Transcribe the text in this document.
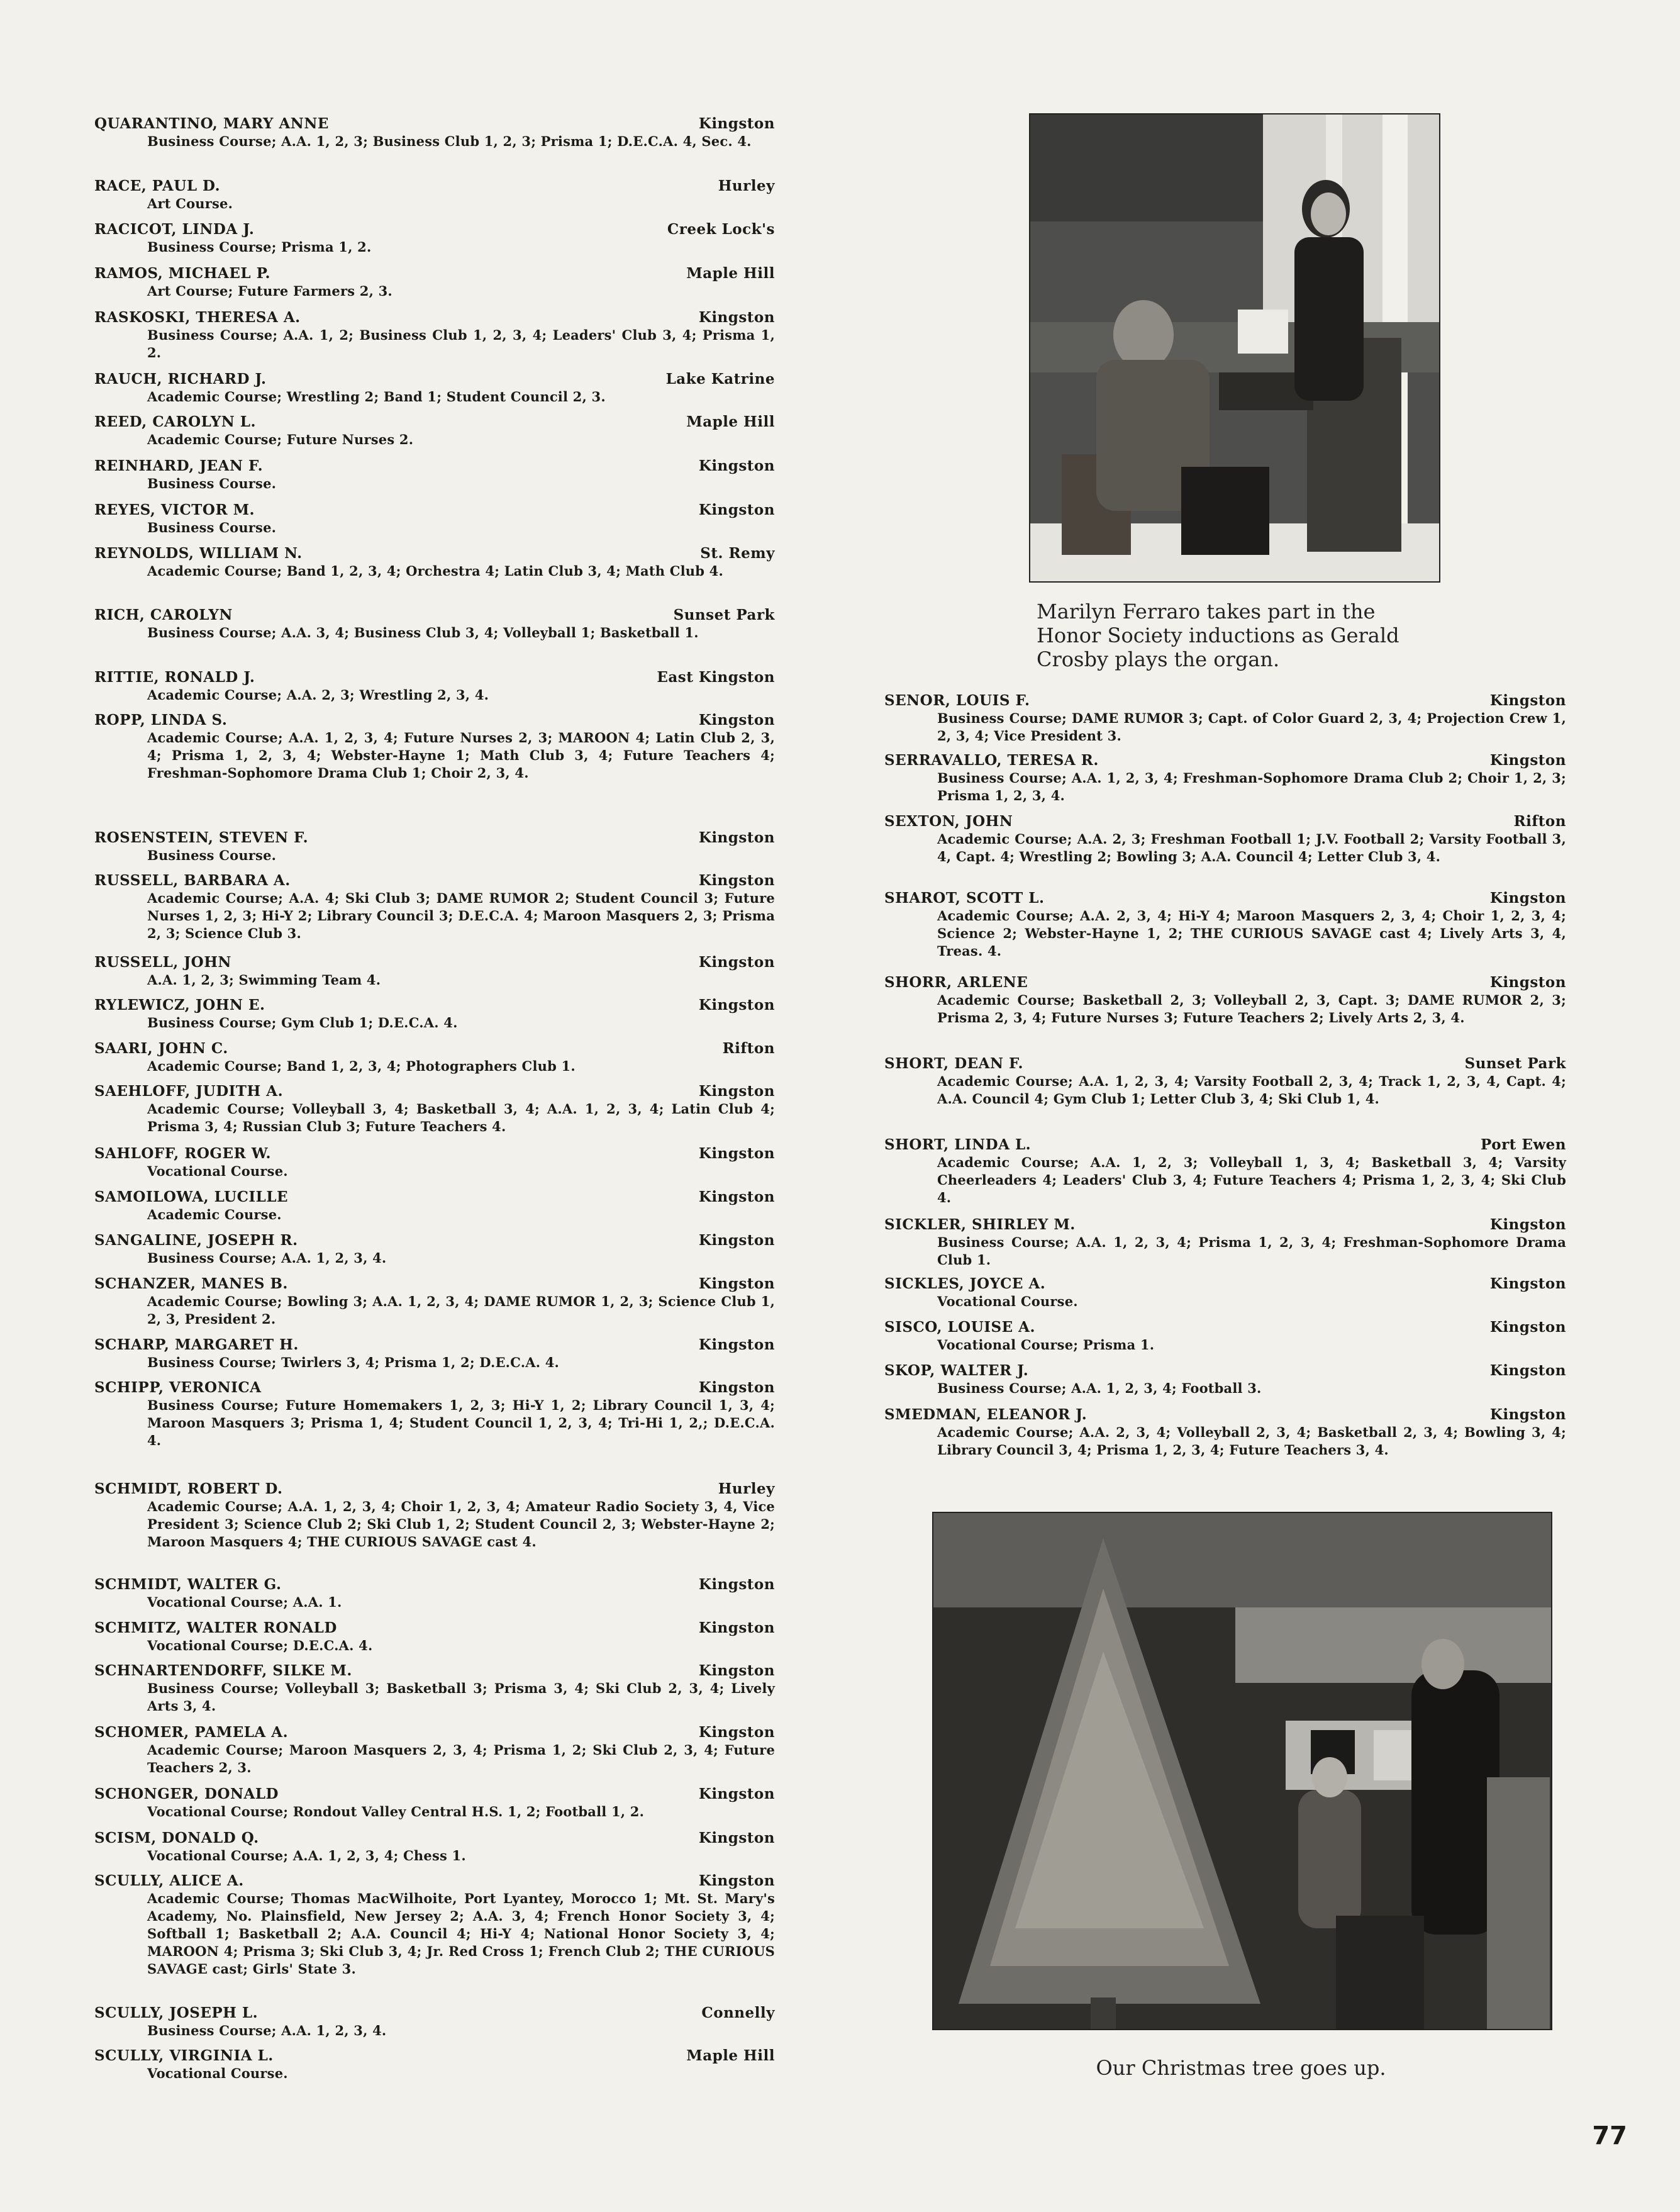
QUARANTINO, MARY ANNE	Kingston
Business Course; A.A. 1, 2, 3; Business Club 1, 2, 3; Prisma 1; D.E.C.A. 4, Sec. 4.
RACE, PAUL D.	Hurley
Art Course.
RACICOT, LINDA J.	Creek Lock's
Business Course; Prisma 1, 2.
RAMOS, MICHAEL P.	Maple Hill
Art Course; Future Farmers 2, 3.
RASKOSKI, THERESA A.	Kingston
Business Course; A.A. 1, 2; Business Club 1, 2, 3, 4; Leaders' Club 3, 4; Prisma 1, 2.
RAUCH, RICHARD J.	Lake Katrine
Academic Course; Wrestling 2; Band 1; Student Council 2, 3.
REED, CAROLYN L.	Maple Hill
Academic Course; Future Nurses 2.
REINHARD, JEAN F.	Kingston
Business Course.
REYES, VICTOR M.	Kingston
Business Course.
REYNOLDS, WILLIAM N.	St. Remy
Academic Course; Band 1, 2, 3, 4; Orchestra 4; Latin Club 3, 4; Math Club 4.
RICH, CAROLYN	Sunset Park
Business Course; A.A. 3, 4; Business Club 3, 4; Volleyball 1; Basketball 1.
RITTIE, RONALD J.	East Kingston
Academic Course; A.A. 2, 3; Wrestling 2, 3, 4.
ROPP, LINDA S.	Kingston
Academic Course; A.A. 1, 2, 3, 4; Future Nurses 2, 3; MAROON 4; Latin Club 2, 3, 4; Prisma 1, 2, 3, 4; Webster-Hayne 1; Math Club 3, 4; Future Teachers 4; Freshman-Sophomore Drama Club 1; Choir 2, 3, 4.
ROSENSTEIN, STEVEN F.	Kingston
Business Course.
RUSSELL, BARBARA A.	Kingston
Academic Course; A.A. 4; Ski Club 3; DAME RUMOR 2; Student Council 3; Future Nurses 1, 2, 3; Hi-Y 2; Library Council 3; D.E.C.A. 4; Maroon Masquers 2, 3; Prisma 2, 3; Science Club 3.
RUSSELL, JOHN	Kingston
A.A. 1, 2, 3; Swimming Team 4.
RYLEWICZ, JOHN E.	Kingston
Business Course; Gym Club 1; D.E.C.A. 4.
SAARI, JOHN C.	Rifton
Academic Course; Band 1, 2, 3, 4; Photographers Club 1.
SAEHLOFF, JUDITH A.	Kingston
Academic Course; Volleyball 3, 4; Basketball 3, 4; A.A. 1, 2, 3, 4; Latin Club 4; Prisma 3, 4; Russian Club 3; Future Teachers 4.
SAHLOFF, ROGER W.	Kingston
Vocational Course.
SAMOILOWA, LUCILLE	Kingston
Academic Course.
SANGALINE, JOSEPH R.	Kingston
Business Course; A.A. 1, 2, 3, 4.
SCHANZER, MANES B.	Kingston
Academic Course; Bowling 3; A.A. 1, 2, 3, 4; DAME RUMOR 1, 2, 3; Science Club 1, 2, 3, President 2.
SCHARP, MARGARET H.	Kingston
Business Course; Twirlers 3, 4; Prisma 1, 2; D.E.C.A. 4.
SCHIPP, VERONICA	Kingston
Business Course; Future Homemakers 1, 2, 3; Hi-Y 1, 2; Library Council 1, 3, 4; Maroon Masquers 3; Prisma 1, 4; Student Council 1, 2, 3, 4; Tri-Hi 1, 2,; D.E.C.A. 4.
SCHMIDT, ROBERT D.	Hurley
Academic Course; A.A. 1, 2, 3, 4; Choir 1, 2, 3, 4; Amateur Radio Society 3, 4, Vice President 3; Science Club 2; Ski Club 1, 2; Student Council 2, 3; Webster-Hayne 2; Maroon Masquers 4; THE CURIOUS SAVAGE cast 4.
SCHMIDT, WALTER G.	Kingston
Vocational Course; A.A. 1.
SCHMITZ, WALTER RONALD	Kingston
Vocational Course; D.E.C.A. 4.
SCHNARTENDORFF, SILKE M.	Kingston
Business Course; Volleyball 3; Basketball 3; Prisma 3, 4; Ski Club 2, 3, 4; Lively Arts 3, 4.
SCHOMER, PAMELA A.	Kingston
Academic Course; Maroon Masquers 2, 3, 4; Prisma 1, 2; Ski Club 2, 3, 4; Future Teachers 2, 3.
SCHONGER, DONALD	Kingston
Vocational Course; Rondout Valley Central H.S. 1, 2; Football 1, 2.
SCISM, DONALD Q.	Kingston
Vocational Course; A.A. 1, 2, 3, 4; Chess 1.
SCULLY, ALICE A.	Kingston
Academic Course; Thomas MacWilhoite, Port Lyantey, Morocco 1; Mt. St. Mary's Academy, No. Plainsfield, New Jersey 2; A.A. 3, 4; French Honor Society 3, 4; Softball 1; Basketball 2; A.A. Council 4; Hi-Y 4; National Honor Society 3, 4; MAROON 4; Prisma 3; Ski Club 3, 4; Jr. Red Cross 1; French Club 2; THE CURIOUS SAVAGE cast; Girls' State 3.
SCULLY, JOSEPH L.	Connelly
Business Course; A.A. 1, 2, 3, 4.
SCULLY, VIRGINIA L.	Maple Hill
Vocational Course.
SENOR, LOUIS F.	Kingston
Business Course; DAME RUMOR 3; Capt. of Color Guard 2, 3, 4; Projection Crew 1, 2, 3, 4; Vice President 3.
SERRAVALLO, TERESA R.	Kingston
Business Course; A.A. 1, 2, 3, 4; Freshman-Sophomore Drama Club 2; Choir 1, 2, 3; Prisma 1, 2, 3, 4.
SEXTON, JOHN	Rifton
Academic Course; A.A. 2, 3; Freshman Football 1; J.V. Football 2; Varsity Football 3, 4, Capt. 4; Wrestling 2; Bowling 3; A.A. Council 4; Letter Club 3, 4.
SHAROT, SCOTT L.	Kingston
Academic Course; A.A. 2, 3, 4; Hi-Y 4; Maroon Masquers 2, 3, 4; Choir 1, 2, 3, 4; Science 2; Webster-Hayne 1, 2; THE CURIOUS SAVAGE cast 4; Lively Arts 3, 4, Treas. 4.
SHORR, ARLENE	Kingston
Academic Course; Basketball 2, 3; Volleyball 2, 3, Capt. 3; DAME RUMOR 2, 3; Prisma 2, 3, 4; Future Nurses 3; Future Teachers 2; Lively Arts 2, 3, 4.
SHORT, DEAN F.	Sunset Park
Academic Course; A.A. 1, 2, 3, 4; Varsity Football 2, 3, 4; Track 1, 2, 3, 4, Capt. 4; A.A. Council 4; Gym Club 1; Letter Club 3, 4; Ski Club 1, 4.
SHORT, LINDA L.	Port Ewen
Academic Course; A.A. 1, 2, 3; Volleyball 1, 3, 4; Basketball 3, 4; Varsity Cheerleaders 4; Leaders' Club 3, 4; Future Teachers 4; Prisma 1, 2, 3, 4; Ski Club 4.
SICKLER, SHIRLEY M.	Kingston
Business Course; A.A. 1, 2, 3, 4; Prisma 1, 2, 3, 4; Freshman-Sophomore Drama Club 1.
SICKLES, JOYCE A.	Kingston
Vocational Course.
SISCO, LOUISE A.	Kingston
Vocational Course; Prisma 1.
SKOP, WALTER J.	Kingston
Business Course; A.A. 1, 2, 3, 4; Football 3.
SMEDMAN, ELEANOR J.	Kingston
Academic Course; A.A. 2, 3, 4; Volleyball 2, 3, 4; Basketball 2, 3, 4; Bowling 3, 4; Library Council 3, 4; Prisma 1, 2, 3, 4; Future Teachers 3, 4.
Marilyn Ferraro takes part in the Honor Society inductions as Gerald Crosby plays the organ.
Our Christmas tree goes up.
77
